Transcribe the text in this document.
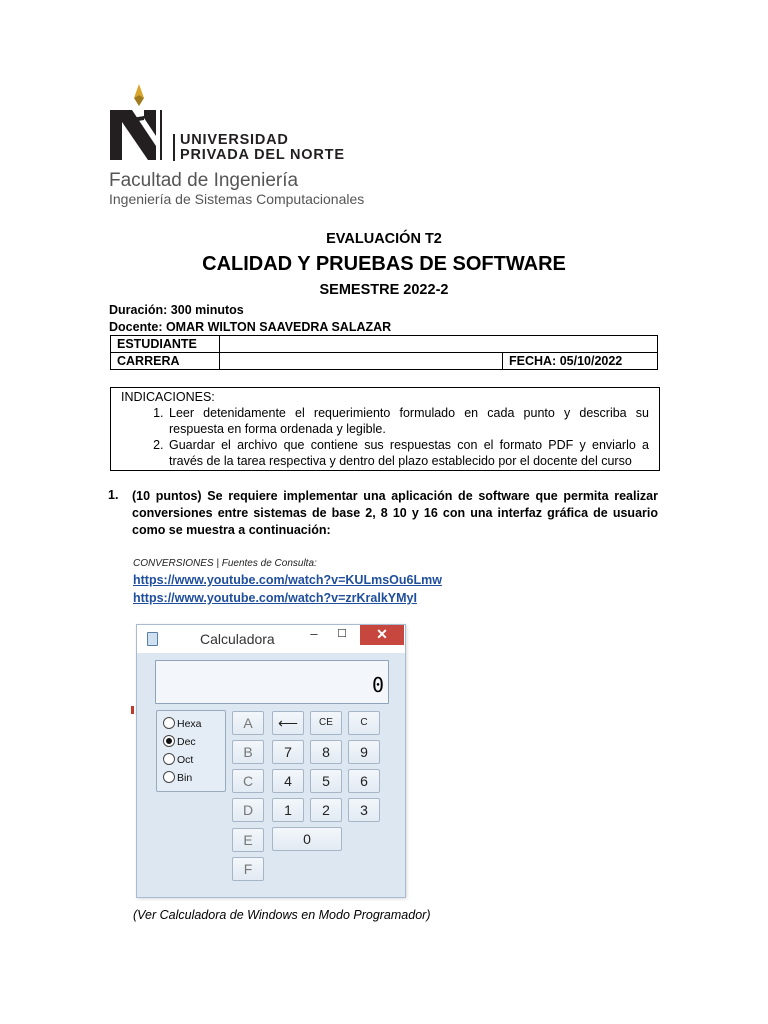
UNIVERSIDAD
PRIVADA DEL NORTE
Facultad de Ingeniería
Ingeniería de Sistemas Computacionales
EVALUACIÓN T2
CALIDAD Y PRUEBAS DE SOFTWARE
SEMESTRE 2022-2
Duración: 300 minutos
Docente: OMAR WILTON SAAVEDRA SALAZAR
ESTUDIANTE		
CARRERA		FECHA: 05/10/2022
INDICACIONES:
1. Leer detenidamente el requerimiento formulado en cada punto y describa su respuesta en forma ordenada y legible.
2. Guardar el archivo que contiene sus respuestas con el formato PDF y enviarlo a través de la tarea respectiva y dentro del plazo establecido por el docente del curso
1. (10 puntos) Se requiere implementar una aplicación de software que permita realizar conversiones entre sistemas de base 2, 8 10 y 16 con una interfaz gráfica de usuario como se muestra a continuación:
CONVERSIONES | Fuentes de Consulta:
https://www.youtube.com/watch?v=KULmsOu6Lmw
https://www.youtube.com/watch?v=zrKralkYMyI
Calculadora	–	☐	✕
0
Hexa
Dec
Oct
Bin
A
B
C
D
E
F
⟵	CE	C
7	8	9
4	5	6
1	2	3
0
(Ver Calculadora de Windows en Modo Programador)
